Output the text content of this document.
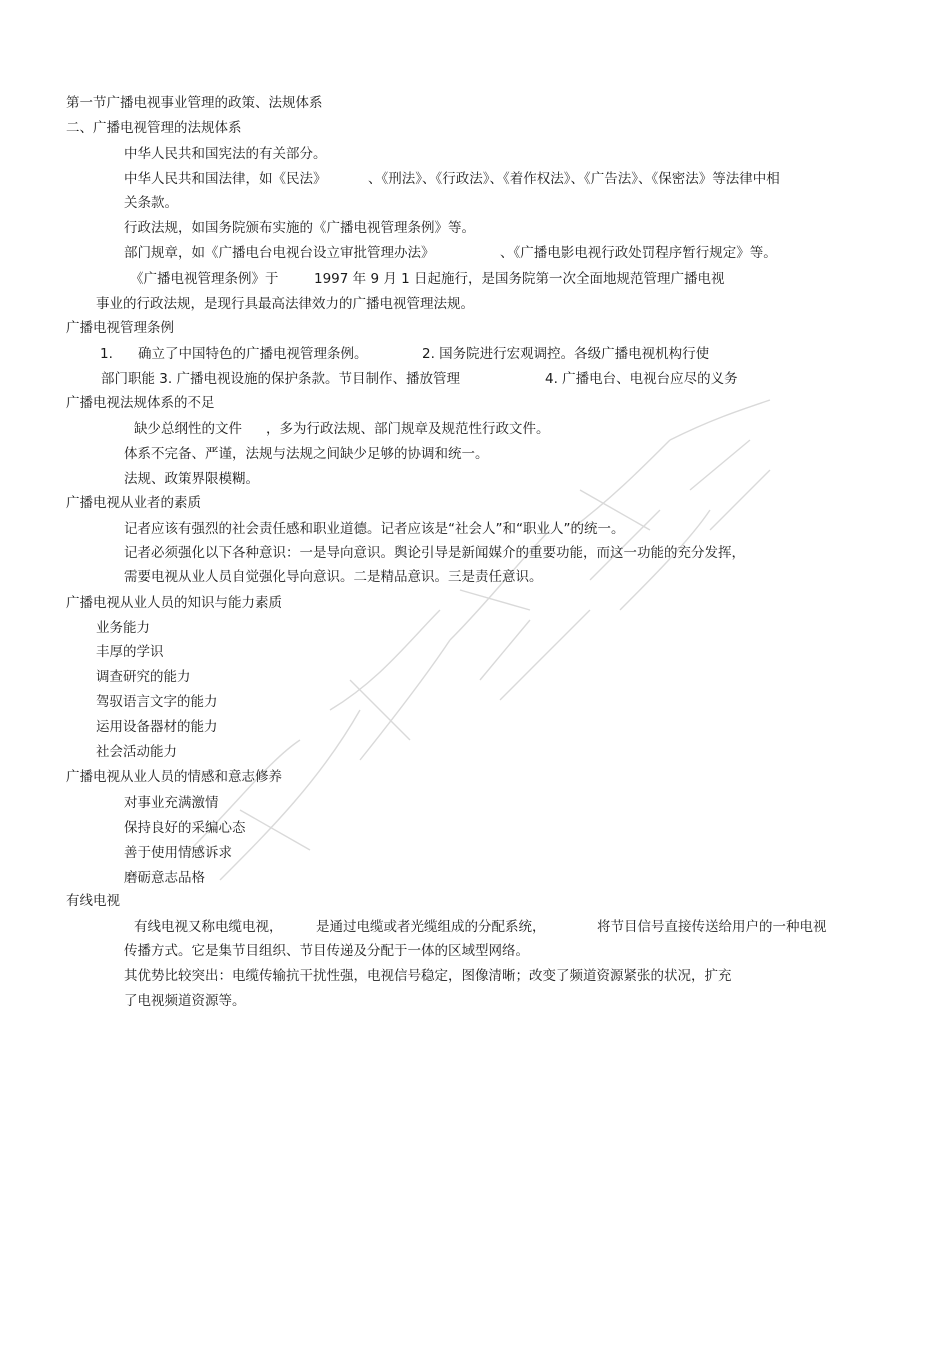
第一节广播电视事业管理的政策、法规体系
二、广播电视管理的法规体系
中华人民共和国宪法的有关部分。
中华人民共和国法律，如《民法》	、《刑法》、《行政法》、《着作权法》、《广告法》、《保密法》等法律中相
关条款。
行政法规，如国务院颁布实施的《广播电视管理条例》等。
部门规章，如《广播电台电视台设立审批管理办法》	、《广播电影电视行政处罚程序暂行规定》等。
《广播电视管理条例》于	1997 年 9 月 1 日起施行，是国务院第一次全面地规范管理广播电视
事业的行政法规，是现行具最高法律效力的广播电视管理法规。
广播电视管理条例
1. 确立了中国特色的广播电视管理条例。	2. 国务院进行宏观调控。各级广播电视机构行使
部门职能 3. 广播电视设施的保护条款。节目制作、播放管理	4. 广播电台、电视台应尽的义务
广播电视法规体系的不足
缺少总纲性的文件 ，多为行政法规、部门规章及规范性行政文件。
体系不完备、严谨，法规与法规之间缺少足够的协调和统一。
法规、政策界限模糊。
广播电视从业者的素质
记者应该有强烈的社会责任感和职业道德。记者应该是“社会人”和“职业人”的统一。
记者必须强化以下各种意识：一是导向意识。舆论引导是新闻媒介的重要功能，而这一功能的充分发挥，
需要电视从业人员自觉强化导向意识。二是精品意识。三是责任意识。
广播电视从业人员的知识与能力素质
业务能力
丰厚的学识
调查研究的能力
驾驭语言文字的能力
运用设备器材的能力
社会活动能力
广播电视从业人员的情感和意志修养
对事业充满激情
保持良好的采编心态
善于使用情感诉求
磨砺意志品格
有线电视
有线电视又称电缆电视， 是通过电缆或者光缆组成的分配系统，	将节目信号直接传送给用户的一种电视
传播方式。它是集节目组织、节目传递及分配于一体的区域型网络。
其优势比较突出：电缆传输抗干扰性强，电视信号稳定，图像清晰；改变了频道资源紧张的状况，扩充
了电视频道资源等。
